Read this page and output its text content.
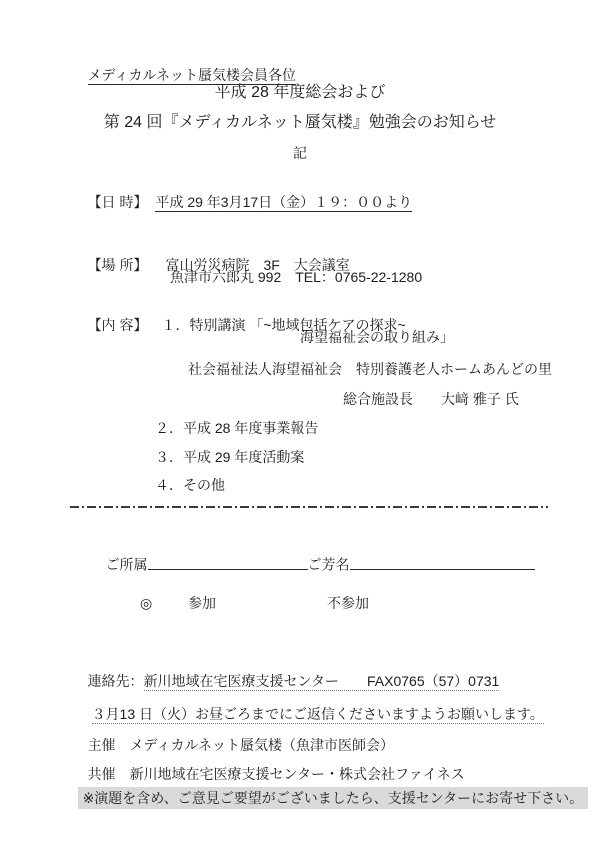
メディカルネット蜃気楼会員各位

平成 28 年度総会および
第 24 回『メディカルネット蜃気楼』勉強会のお知らせ
記

【日 時】 平成 29 年3月17日（金）１９：００より

【場 所】 富山労災病院　3F　大会議室

魚津市六郎丸 992　TEL：0765-22-1280

【内 容】 １．特別講演 「~地域包括ケアの探求~

海望福祉会の取り組み」
社会福祉法人海望福祉会　特別養護老人ホームあんどの里
総合施設長　　大﨑 雅子 氏
２．平成 28 年度事業報告
３．平成 29 年度活動案
４．その他

ご所属	ご芳名

◎	参加	不参加

連絡先：新川地域在宅医療支援センター　　FAX0765（57）0731

３月13 日（火）お昼ごろまでにご返信くださいますようお願いします。

主催 メディカルネット蜃気楼（魚津市医師会）

共催 新川地域在宅医療支援センター・株式会社ファイネス

※演題を含め、ご意見ご要望がございましたら、支援センターにお寄せ下さい。
